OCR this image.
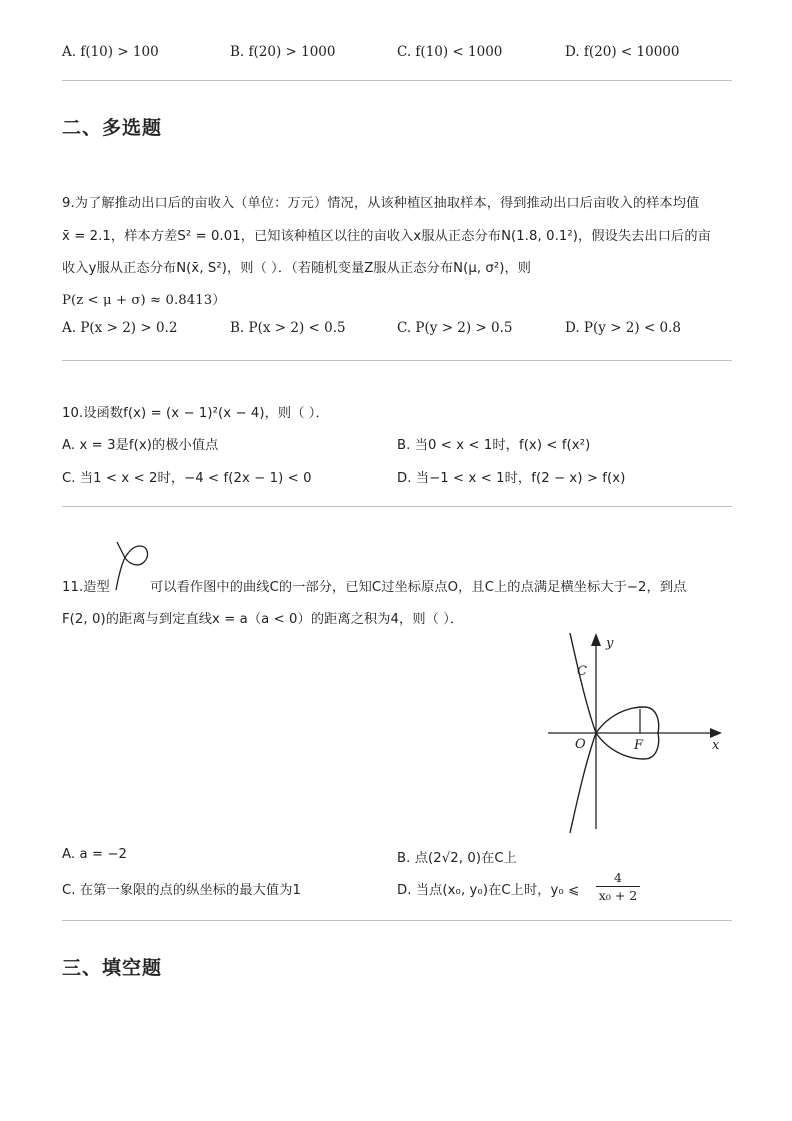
A. f(10) > 100	B. f(20) > 1000	C. f(10) < 1000	D. f(20) < 10000
二、多选题
9.为了解推动出口后的亩收入（单位：万元）情况，从该种植区抽取样本，得到推动出口后亩收入的样本均值
x̄ = 2.1，样本方差S² = 0.01，已知该种植区以往的亩收入x服从正态分布N(1.8, 0.1²)，假设失去出口后的亩
收入y服从正态分布N(x̄, S²)，则（ ）．（若随机变量Z服从正态分布N(μ, σ²)，则
P(z < μ + σ) ≈ 0.8413）
A. P(x > 2) > 0.2	B. P(x > 2) < 0.5	C. P(y > 2) > 0.5	D. P(y > 2) < 0.8
10.设函数f(x) = (x − 1)²(x − 4)，则（ ）．
A. x = 3是f(x)的极小值点	B. 当0 < x < 1时，f(x) < f(x²)
C. 当1 < x < 2时，−4 < f(2x − 1) < 0	D. 当−1 < x < 1时，f(2 − x) > f(x)
11.造型	可以看作图中的曲线C的一部分，已知C过坐标原点O，且C上的点满足横坐标大于−2，到点
F(2, 0)的距离与到定直线x = a（a < 0）的距离之积为4，则（ ）．
y
x
C
O	F
A. a = −2	B. 点(2√2, 0)在C上
C. 在第一象限的点的纵坐标的最大值为1	D. 当点(x₀, y₀)在C上时，y₀ ⩽ $\frac{4}{\text{x₀ + 2}}$
三、填空题
